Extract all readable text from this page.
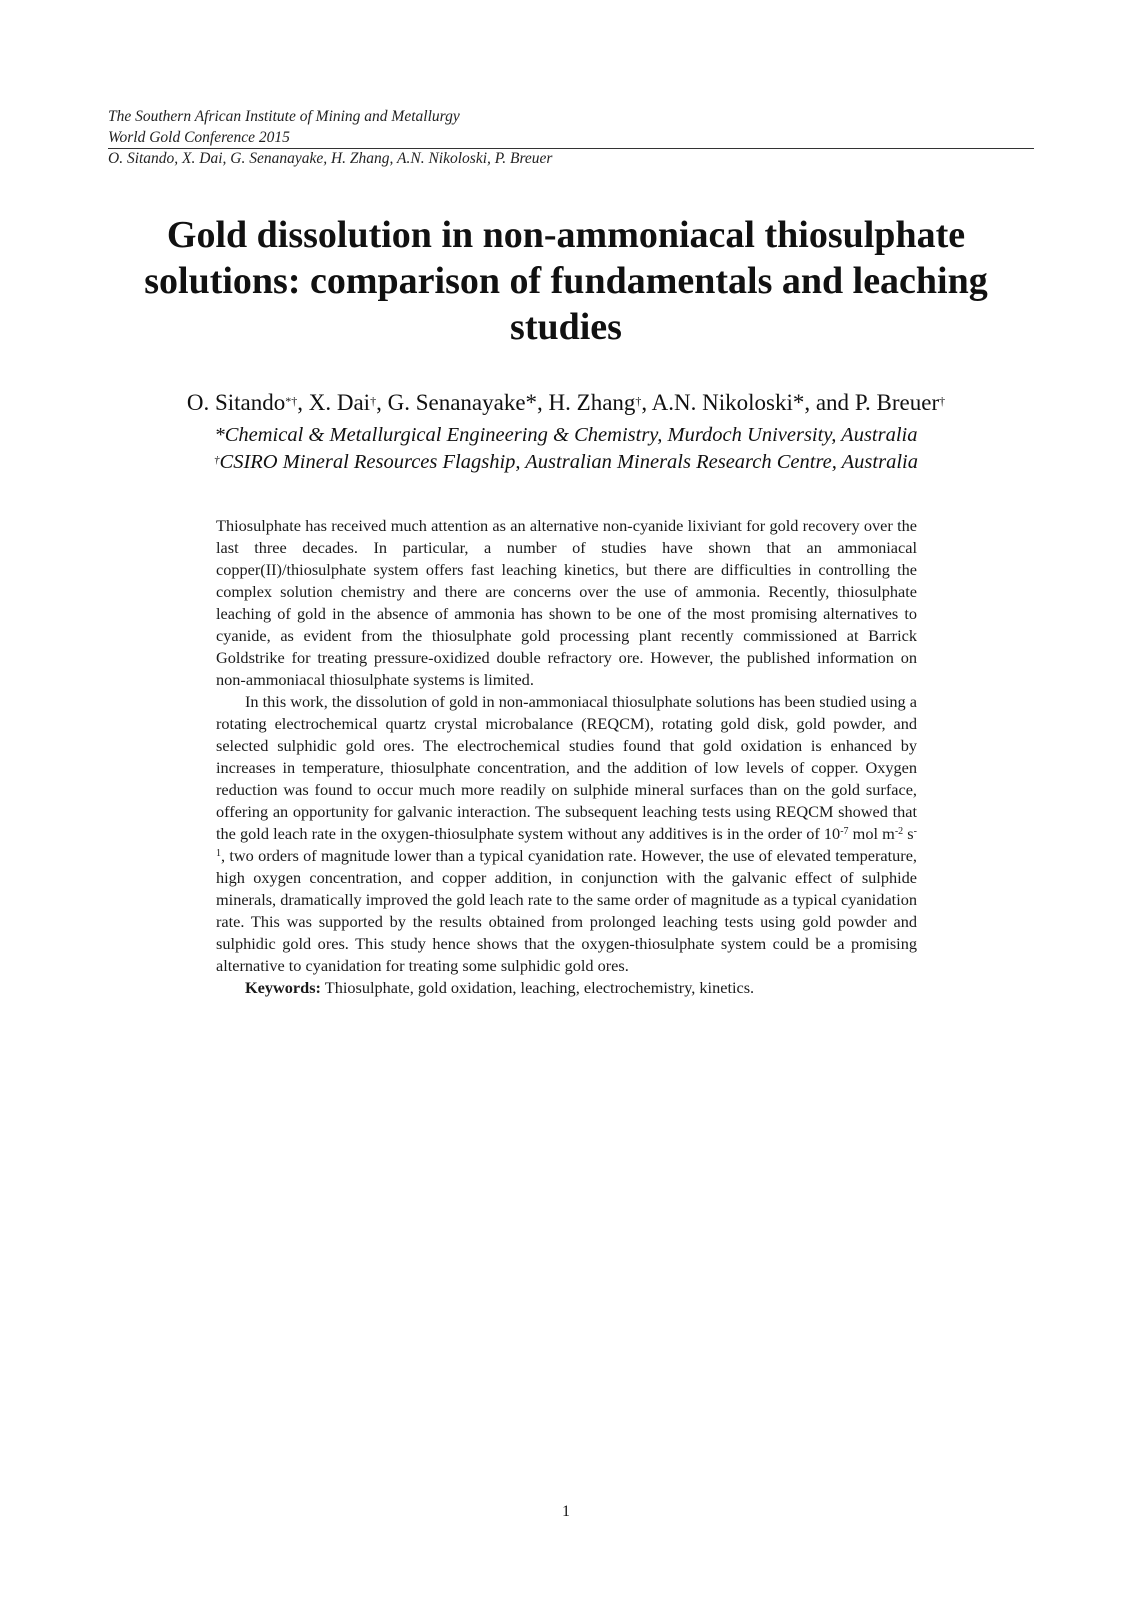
The Southern African Institute of Mining and Metallurgy
World Gold Conference 2015
O. Sitando, X. Dai, G. Senanayake, H. Zhang, A.N. Nikoloski, P. Breuer
Gold dissolution in non-ammoniacal thiosulphate solutions: comparison of fundamentals and leaching studies
O. Sitando*†, X. Dai†, G. Senanayake*, H. Zhang†, A.N. Nikoloski*, and P. Breuer†
*Chemical & Metallurgical Engineering & Chemistry, Murdoch University, Australia
†CSIRO Mineral Resources Flagship, Australian Minerals Research Centre, Australia

Thiosulphate has received much attention as an alternative non-cyanide lixiviant for gold recovery over the last three decades. In particular, a number of studies have shown that an ammoniacal copper(II)/thiosulphate system offers fast leaching kinetics, but there are difficulties in controlling the complex solution chemistry and there are concerns over the use of ammonia. Recently, thiosulphate leaching of gold in the absence of ammonia has shown to be one of the most promising alternatives to cyanide, as evident from the thiosulphate gold processing plant recently commissioned at Barrick Goldstrike for treating pressure-oxidized double refractory ore. However, the published information on non-ammoniacal thiosulphate systems is limited.

In this work, the dissolution of gold in non-ammoniacal thiosulphate solutions has been studied using a rotating electrochemical quartz crystal microbalance (REQCM), rotating gold disk, gold powder, and selected sulphidic gold ores. The electrochemical studies found that gold oxidation is enhanced by increases in temperature, thiosulphate concentration, and the addition of low levels of copper. Oxygen reduction was found to occur much more readily on sulphide mineral surfaces than on the gold surface, offering an opportunity for galvanic interaction. The subsequent leaching tests using REQCM showed that the gold leach rate in the oxygen-thiosulphate system without any additives is in the order of $10^{-7}$ mol $m^{-2}$ $s^{-1}$, two orders of magnitude lower than a typical cyanidation rate. However, the use of elevated temperature, high oxygen concentration, and copper addition, in conjunction with the galvanic effect of sulphide minerals, dramatically improved the gold leach rate to the same order of magnitude as a typical cyanidation rate. This was supported by the results obtained from prolonged leaching tests using gold powder and sulphidic gold ores. This study hence shows that the oxygen-thiosulphate system could be a promising alternative to cyanidation for treating some sulphidic gold ores.

Keywords: Thiosulphate, gold oxidation, leaching, electrochemistry, kinetics.

1
